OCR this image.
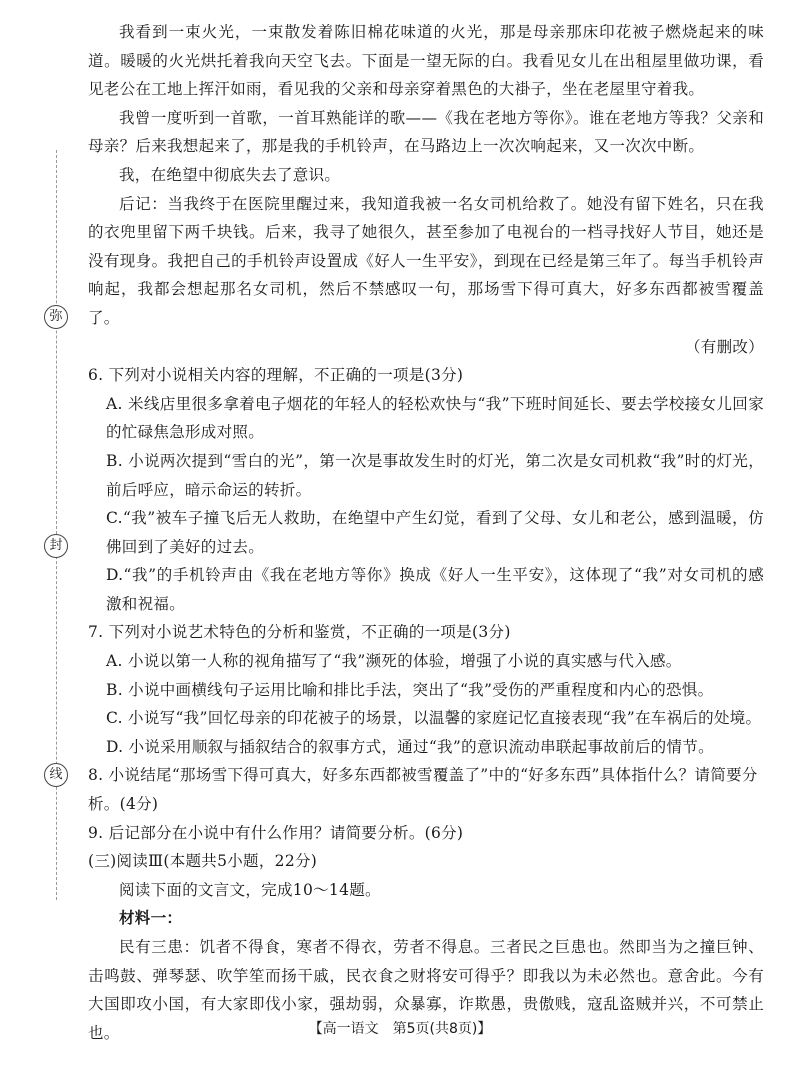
弥
封
线

我看到一束火光，一束散发着陈旧棉花味道的火光，那是母亲那床印花被子燃烧起来的味道。暖暖的火光烘托着我向天空飞去。下面是一望无际的白。我看见女儿在出租屋里做功课，看见老公在工地上挥汗如雨，看见我的父亲和母亲穿着黑色的大褂子，坐在老屋里守着我。

我曾一度听到一首歌，一首耳熟能详的歌——《我在老地方等你》。谁在老地方等我？父亲和母亲？后来我想起来了，那是我的手机铃声，在马路边上一次次响起来，又一次次中断。

我，在绝望中彻底失去了意识。

后记：当我终于在医院里醒过来，我知道我被一名女司机给救了。她没有留下姓名，只在我的衣兜里留下两千块钱。后来，我寻了她很久，甚至参加了电视台的一档寻找好人节目，她还是没有现身。我把自己的手机铃声设置成《好人一生平安》，到现在已经是第三年了。每当手机铃声响起，我都会想起那名女司机，然后不禁感叹一句，那场雪下得可真大，好多东西都被雪覆盖了。

（有删改）

6. 下列对小说相关内容的理解，不正确的一项是(3分)

A. 米线店里很多拿着电子烟花的年轻人的轻松欢快与“我”下班时间延长、要去学校接女儿回家的忙碌焦急形成对照。

B. 小说两次提到“雪白的光”，第一次是事故发生时的灯光，第二次是女司机救“我”时的灯光，前后呼应，暗示命运的转折。

C.“我”被车子撞飞后无人救助，在绝望中产生幻觉，看到了父母、女儿和老公，感到温暖，仿佛回到了美好的过去。

D.“我”的手机铃声由《我在老地方等你》换成《好人一生平安》，这体现了“我”对女司机的感激和祝福。

7. 下列对小说艺术特色的分析和鉴赏，不正确的一项是(3分)

A. 小说以第一人称的视角描写了“我”濒死的体验，增强了小说的真实感与代入感。

B. 小说中画横线句子运用比喻和排比手法，突出了“我”受伤的严重程度和内心的恐惧。

C. 小说写“我”回忆母亲的印花被子的场景，以温馨的家庭记忆直接表现“我”在车祸后的处境。

D. 小说采用顺叙与插叙结合的叙事方式，通过“我”的意识流动串联起事故前后的情节。

8. 小说结尾“那场雪下得可真大，好多东西都被雪覆盖了”中的“好多东西”具体指什么？请简要分析。(4分)

9. 后记部分在小说中有什么作用？请简要分析。(6分)

(三)阅读Ⅲ(本题共5小题，22分)

阅读下面的文言文，完成10～14题。

材料一：

民有三患：饥者不得食，寒者不得衣，劳者不得息。三者民之巨患也。然即当为之撞巨钟、击鸣鼓、弹琴瑟、吹竽笙而扬干戚，民衣食之财将安可得乎？即我以为未必然也。意舍此。今有大国即攻小国，有大家即伐小家，强劫弱，众暴寡，诈欺愚，贵傲贱，寇乱盗贼并兴，不可禁止也。	【高一语文　第5页(共8页)】
